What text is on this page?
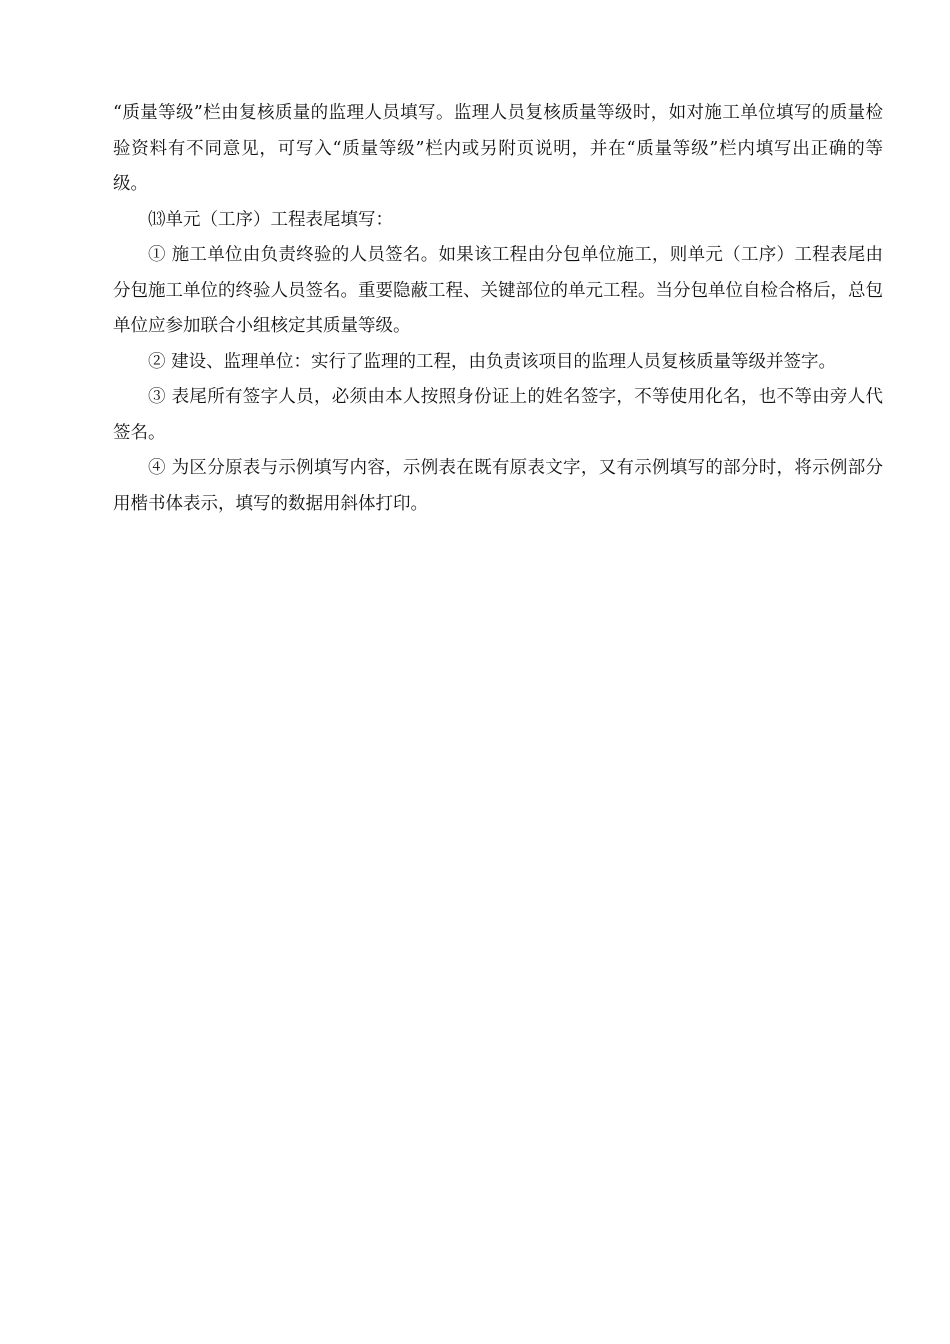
“质量等级”栏由复核质量的监理人员填写。监理人员复核质量等级时，如对施工单位填写的质量检验资料有不同意见，可写入“质量等级”栏内或另附页说明，并在“质量等级”栏内填写出正确的等级。

⒀单元（工序）工程表尾填写：

① 施工单位由负责终验的人员签名。如果该工程由分包单位施工，则单元（工序）工程表尾由分包施工单位的终验人员签名。重要隐蔽工程、关键部位的单元工程。当分包单位自检合格后，总包单位应参加联合小组核定其质量等级。

② 建设、监理单位：实行了监理的工程，由负责该项目的监理人员复核质量等级并签字。

③ 表尾所有签字人员，必须由本人按照身份证上的姓名签字，不等使用化名，也不等由旁人代签名。

④ 为区分原表与示例填写内容，示例表在既有原表文字，又有示例填写的部分时，将示例部分用楷书体表示，填写的数据用斜体打印。
